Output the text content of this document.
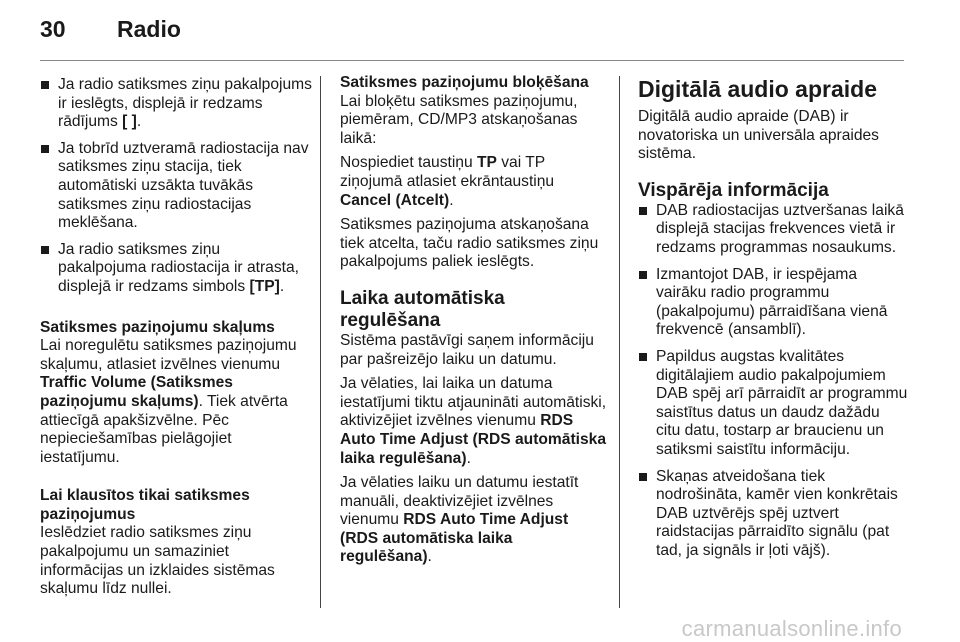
30 Radio
Ja radio satiksmes ziņu pakalpojums ir ieslēgts, displejā ir redzams rādījums [ ].
Ja tobrīd uztveramā radiostacija nav satiksmes ziņu stacija, tiek automātiski uzsākta tuvākās satiksmes ziņu radiostacijas meklēšana.
Ja radio satiksmes ziņu pakalpojuma radiostacija ir atrasta, displejā ir redzams simbols [TP].
Satiksmes paziņojumu skaļums
Lai noregulētu satiksmes paziņojumu skaļumu, atlasiet izvēlnes vienumu Traffic Volume (Satiksmes paziņojumu skaļums). Tiek atvērta attiecīgā apakšizvēlne. Pēc nepieciešamības pielāgojiet iestatījumu.
Lai klausītos tikai satiksmes paziņojumus
Ieslēdziet radio satiksmes ziņu pakalpojumu un samaziniet informācijas un izklaides sistēmas skaļumu līdz nullei.
Satiksmes paziņojumu bloķēšana
Lai bloķētu satiksmes paziņojumu, piemēram, CD/MP3 atskaņošanas laikā:
Nospiediet taustiņu TP vai TP ziņojumā atlasiet ekrāntaustiņu Cancel (Atcelt).
Satiksmes paziņojuma atskaņošana tiek atcelta, taču radio satiksmes ziņu pakalpojums paliek ieslēgts.
Laika automātiska regulēšana
Sistēma pastāvīgi saņem informāciju par pašreizējo laiku un datumu.
Ja vēlaties, lai laika un datuma iestatījumi tiktu atjaunināti automātiski, aktivizējiet izvēlnes vienumu RDS Auto Time Adjust (RDS automātiska laika regulēšana).
Ja vēlaties laiku un datumu iestatīt manuāli, deaktivizējiet izvēlnes vienumu RDS Auto Time Adjust (RDS automātiska laika regulēšana).
Digitālā audio apraide
Digitālā audio apraide (DAB) ir novatoriska un universāla apraides sistēma.
Vispārēja informācija
DAB radiostacijas uztveršanas laikā displejā stacijas frekvences vietā ir redzams programmas nosaukums.
Izmantojot DAB, ir iespējama vairāku radio programmu (pakalpojumu) pārraidīšana vienā frekvencē (ansamblī).
Papildus augstas kvalitātes digitālajiem audio pakalpojumiem DAB spēj arī pārraidīt ar programmu saistītus datus un daudz dažādu citu datu, tostarp ar braucienu un satiksmi saistītu informāciju.
Skaņas atveidošana tiek nodrošināta, kamēr vien konkrētais DAB uztvērējs spēj uztvert raidstacijas pārraidīto signālu (pat tad, ja signāls ir ļoti vājš).
carmanualsonline.info
